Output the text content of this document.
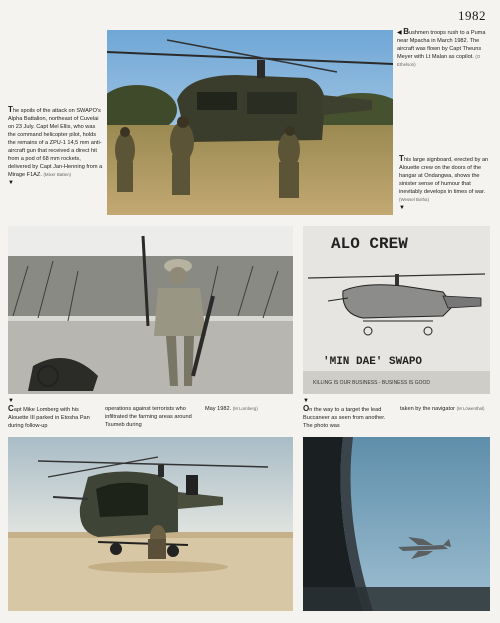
1982
◀ Bushmen troops rush to a Puma near Mpacha in March 1982. The aircraft was flown by Capt Theuns Meyer with Lt Malan as copilot. (O Ethelson)
The spoils of the attack on SWAPO's Alpha Battalion, northeast of Cuvelai on 23 July. Capt Mel Ellis, who was the command helicopter pilot, holds the remains of a ZPU-1 14,5 mm anti-aircraft gun that received a direct hit from a pod of 68 mm rockets, delivered by Capt Jan-Henning from a Mirage F1AZ. (Mixer Batten)
▼
This large signboard, erected by an Alouette crew on the doors of the hangar at Ondangwa, shows the sinister sense of humour that inevitably develops in times of war. (Wessel Botha)
▼
ALO CREW
'MIN DAE' SWAPO
KILLING IS OUR BUSINESS - BUSINESS IS GOOD
▼
Capt Mike Lomberg with his Alouette III parked in Etosha Pan during follow-up
operations against terrorists who infiltrated the farming areas around Tsumeb during
May 1982. (M Lomberg)
▼
On the way to a target the lead Buccaneer as seen from another. The photo was
taken by the navigator (M Löwenthal)
